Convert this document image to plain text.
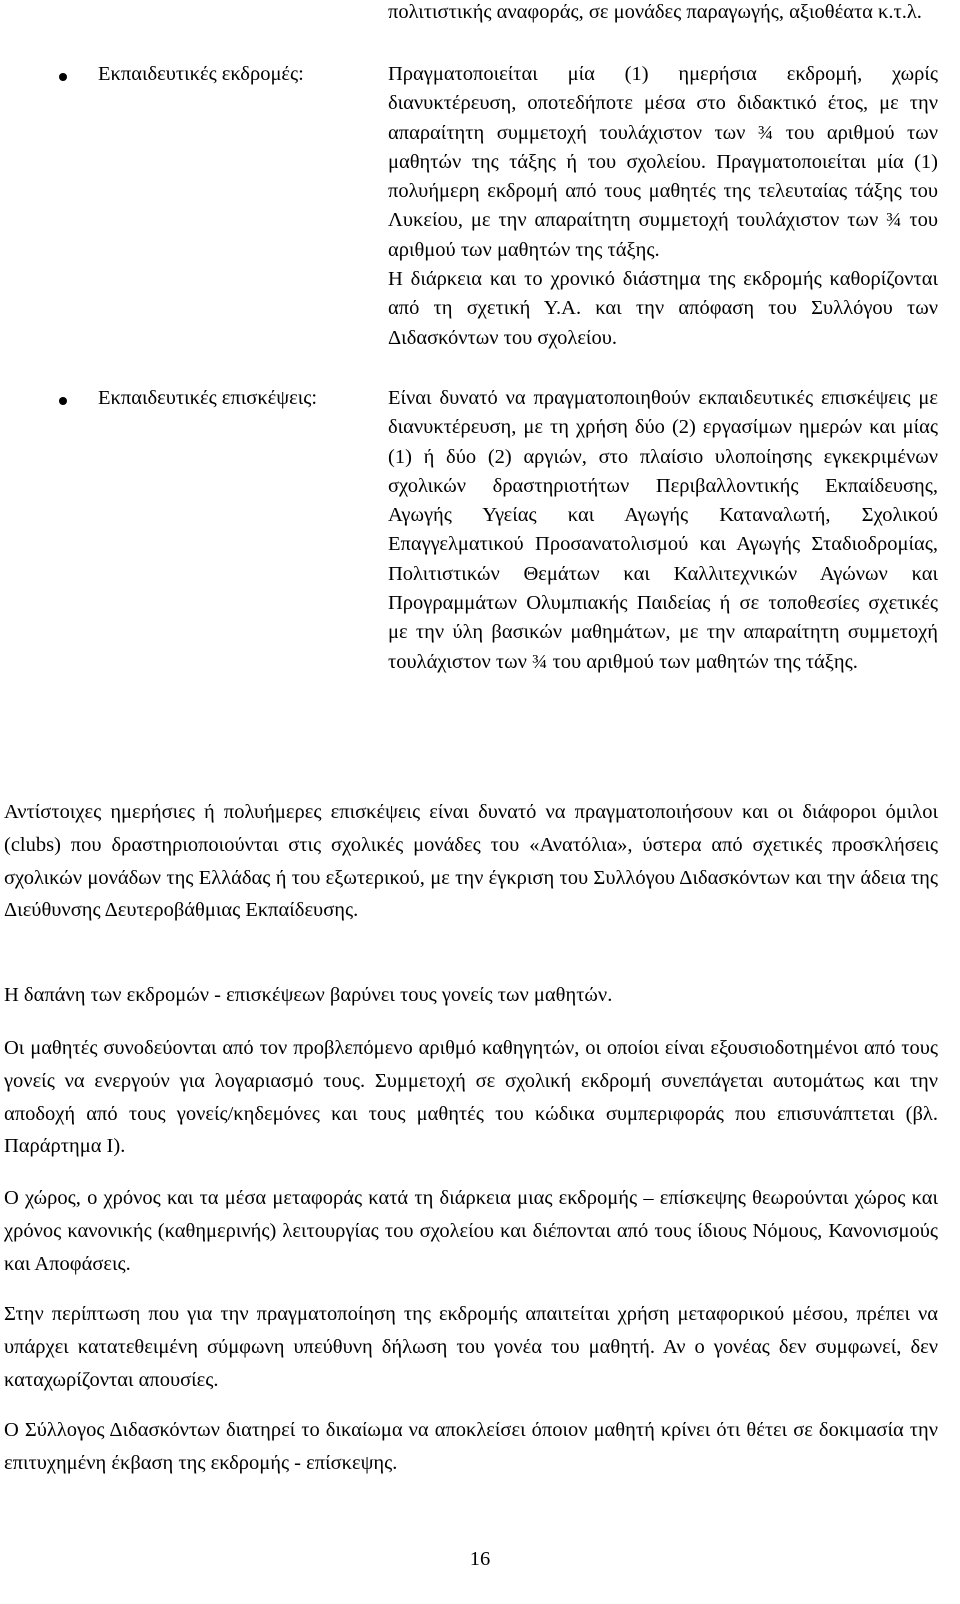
πολιτιστικής αναφοράς, σε μονάδες παραγωγής, αξιοθέατα κ.τ.λ.
Εκπαιδευτικές εκδρομές:	Πραγματοποιείται μία (1) ημερήσια εκδρομή, χωρίς διανυκτέρευση, οποτεδήποτε μέσα στο διδακτικό έτος, με την απαραίτητη συμμετοχή τουλάχιστον των ¾ του αριθμού των μαθητών της τάξης ή του σχολείου. Πραγματοποιείται μία (1) πολυήμερη εκδρομή από τους μαθητές της τελευταίας τάξης του Λυκείου, με την απαραίτητη συμμετοχή τουλάχιστον των ¾ του αριθμού των μαθητών της τάξης.

Η διάρκεια και το χρονικό διάστημα της εκδρομής καθορίζονται από τη σχετική Υ.Α. και την απόφαση του Συλλόγου των Διδασκόντων του σχολείου.

Εκπαιδευτικές επισκέψεις:	Είναι δυνατό να πραγματοποιηθούν εκπαιδευτικές επισκέψεις με διανυκτέρευση, με τη χρήση δύο (2) εργασίμων ημερών και μίας (1) ή δύο (2) αργιών, στο πλαίσιο υλοποίησης εγκεκριμένων σχολικών δραστηριοτήτων Περιβαλλοντικής Εκπαίδευσης, Αγωγής Υγείας και Αγωγής Καταναλωτή, Σχολικού Επαγγελματικού Προσανατολισμού και Αγωγής Σταδιοδρομίας, Πολιτιστικών Θεμάτων και Καλλιτεχνικών Αγώνων και Προγραμμάτων Ολυμπιακής Παιδείας ή σε τοποθεσίες σχετικές με την ύλη βασικών μαθημάτων, με την απαραίτητη συμμετοχή τουλάχιστον των ¾ του αριθμού των μαθητών της τάξης.

Αντίστοιχες ημερήσιες ή πολυήμερες επισκέψεις είναι δυνατό να πραγματοποιήσουν και οι διάφοροι όμιλοι (clubs) που δραστηριοποιούνται στις σχολικές μονάδες του «Ανατόλια», ύστερα από σχετικές προσκλήσεις σχολικών μονάδων της Ελλάδας ή του εξωτερικού, με την έγκριση του Συλλόγου Διδασκόντων και την άδεια της Διεύθυνσης Δευτεροβάθμιας Εκπαίδευσης.

Η δαπάνη των εκδρομών - επισκέψεων βαρύνει τους γονείς των μαθητών.

Οι μαθητές συνοδεύονται από τον προβλεπόμενο αριθμό καθηγητών, οι οποίοι είναι εξουσιοδοτημένοι από τους γονείς να ενεργούν για λογαριασμό τους. Συμμετοχή σε σχολική εκδρομή συνεπάγεται αυτομάτως και την αποδοχή από τους γονείς/κηδεμόνες και τους μαθητές του κώδικα συμπεριφοράς που επισυνάπτεται (βλ. Παράρτημα Ι).

Ο χώρος, ο χρόνος και τα μέσα μεταφοράς κατά τη διάρκεια μιας εκδρομής – επίσκεψης θεωρούνται χώρος και χρόνος κανονικής (καθημερινής) λειτουργίας του σχολείου και διέπονται από τους ίδιους Νόμους, Κανονισμούς και Αποφάσεις.

Στην περίπτωση που για την πραγματοποίηση της εκδρομής απαιτείται χρήση μεταφορικού μέσου, πρέπει να υπάρχει κατατεθειμένη σύμφωνη υπεύθυνη δήλωση του γονέα του μαθητή. Αν ο γονέας δεν συμφωνεί, δεν καταχωρίζονται απουσίες.

Ο Σύλλογος Διδασκόντων διατηρεί το δικαίωμα να αποκλείσει όποιον μαθητή κρίνει ότι θέτει σε δοκιμασία την επιτυχημένη έκβαση της εκδρομής - επίσκεψης.

16
